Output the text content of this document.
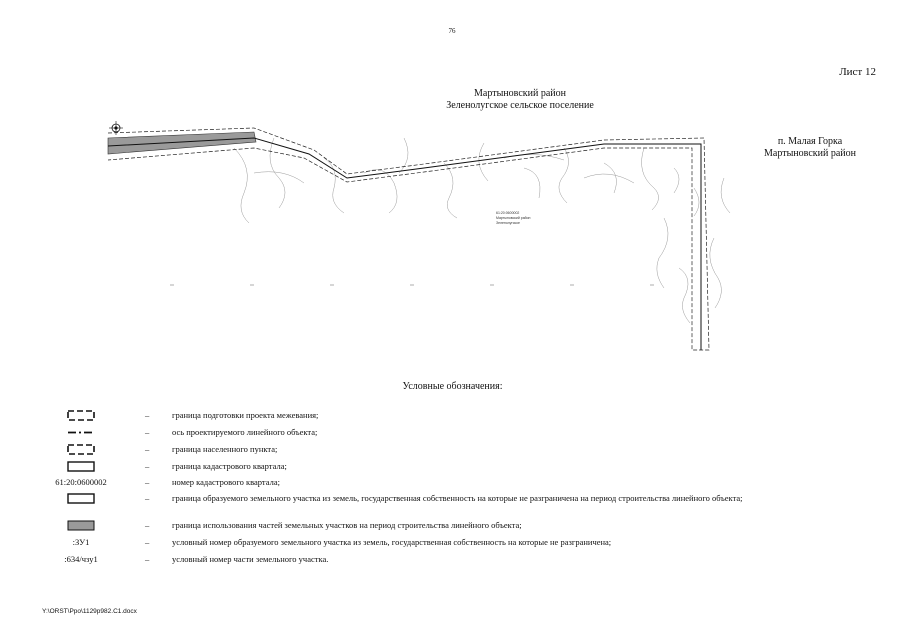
76
Лист 12
Мартыновский район
Зеленолугское сельское поселение
п. Малая Горка
Мартыновский район
61:20:0600002
Мартыновский район
Зеленолугское
Условные обозначения:
–	граница подготовки проекта межевания;
–	ось проектируемого линейного объекта;
–	граница населенного пункта;
–	граница кадастрового квартала;
61:20:0600002	–	номер кадастрового квартала;
–	граница образуемого земельного участка из земель, государственная собственность на которые не разграничена на период строительства линейного объекта;
–	граница использования частей земельных участков на период строительства линейного объекта;
:ЗУ1	–	условный номер образуемого земельного участка из земель, государственная собственность на которые не разграничена;
:634/чзу1	–	условный номер части земельного участка.
Y:\ORST\Ppo\1129p982.C1.docx
